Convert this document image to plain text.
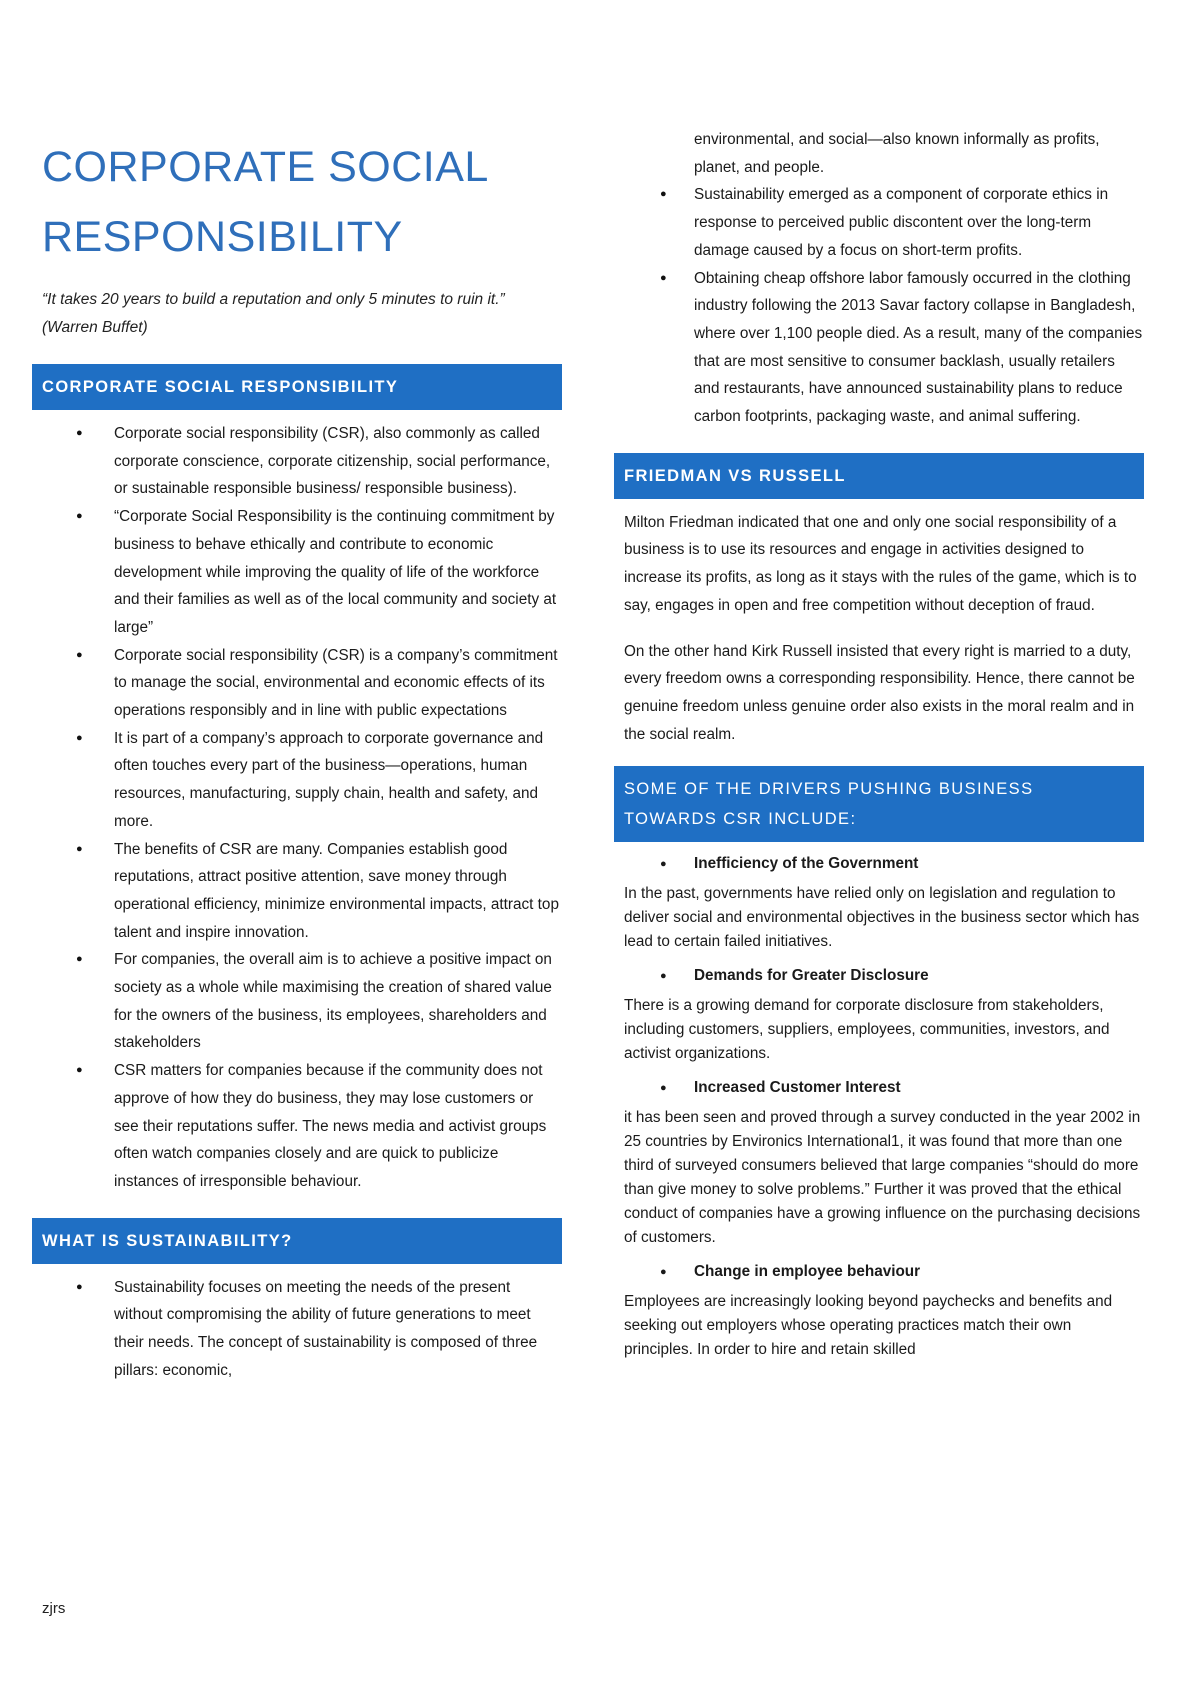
CORPORATE SOCIAL
RESPONSIBILITY
“It takes 20 years to build a reputation and only 5 minutes to ruin it.” (Warren Buffet)
CORPORATE SOCIAL RESPONSIBILITY
● Corporate social responsibility (CSR), also commonly as called corporate conscience, corporate citizenship, social performance, or sustainable responsible business/ responsible business).
● “Corporate Social Responsibility is the continuing commitment by business to behave ethically and contribute to economic development while improving the quality of life of the workforce and their families as well as of the local community and society at large”
● Corporate social responsibility (CSR) is a company’s commitment to manage the social, environmental and economic effects of its operations responsibly and in line with public expectations
● It is part of a company’s approach to corporate governance and often touches every part of the business—operations, human resources, manufacturing, supply chain, health and safety, and more.
● The benefits of CSR are many. Companies establish good reputations, attract positive attention, save money through operational efficiency, minimize environmental impacts, attract top talent and inspire innovation.
● For companies, the overall aim is to achieve a positive impact on society as a whole while maximising the creation of shared value for the owners of the business, its employees, shareholders and stakeholders
● CSR matters for companies because if the community does not approve of how they do business, they may lose customers or see their reputations suffer. The news media and activist groups often watch companies closely and are quick to publicize instances of irresponsible behaviour.
WHAT IS SUSTAINABILITY?
● Sustainability focuses on meeting the needs of the present without compromising the ability of future generations to meet their needs. The concept of sustainability is composed of three pillars: economic,
environmental, and social—also known informally as profits, planet, and people.
● Sustainability emerged as a component of corporate ethics in response to perceived public discontent over the long-term damage caused by a focus on short-term profits.
● Obtaining cheap offshore labor famously occurred in the clothing industry following the 2013 Savar factory collapse in Bangladesh, where over 1,100 people died. As a result, many of the companies that are most sensitive to consumer backlash, usually retailers and restaurants, have announced sustainability plans to reduce carbon footprints, packaging waste, and animal suffering.
FRIEDMAN VS RUSSELL

Milton Friedman indicated that one and only one social responsibility of a business is to use its resources and engage in activities designed to increase its profits, as long as it stays with the rules of the game, which is to say, engages in open and free competition without deception of fraud.

On the other hand Kirk Russell insisted that every right is married to a duty, every freedom owns a corresponding responsibility. Hence, there cannot be genuine freedom unless genuine order also exists in the moral realm and in the social realm.

SOME OF THE DRIVERS PUSHING BUSINESS
TOWARDS CSR INCLUDE:
● Inefficiency of the Government

In the past, governments have relied only on legislation and regulation to deliver social and environmental objectives in the business sector which has lead to certain failed initiatives.

● Demands for Greater Disclosure

There is a growing demand for corporate disclosure from stakeholders, including customers, suppliers, employees, communities, investors, and activist organizations.

● Increased Customer Interest

it has been seen and proved through a survey conducted in the year 2002 in 25 countries by Environics International1, it was found that more than one third of surveyed consumers believed that large companies “should do more than give money to solve problems.” Further it was proved that the ethical conduct of companies have a growing influence on the purchasing decisions of customers.

● Change in employee behaviour

Employees are increasingly looking beyond paychecks and benefits and seeking out employers whose operating practices match their own principles. In order to hire and retain skilled

zjrs
